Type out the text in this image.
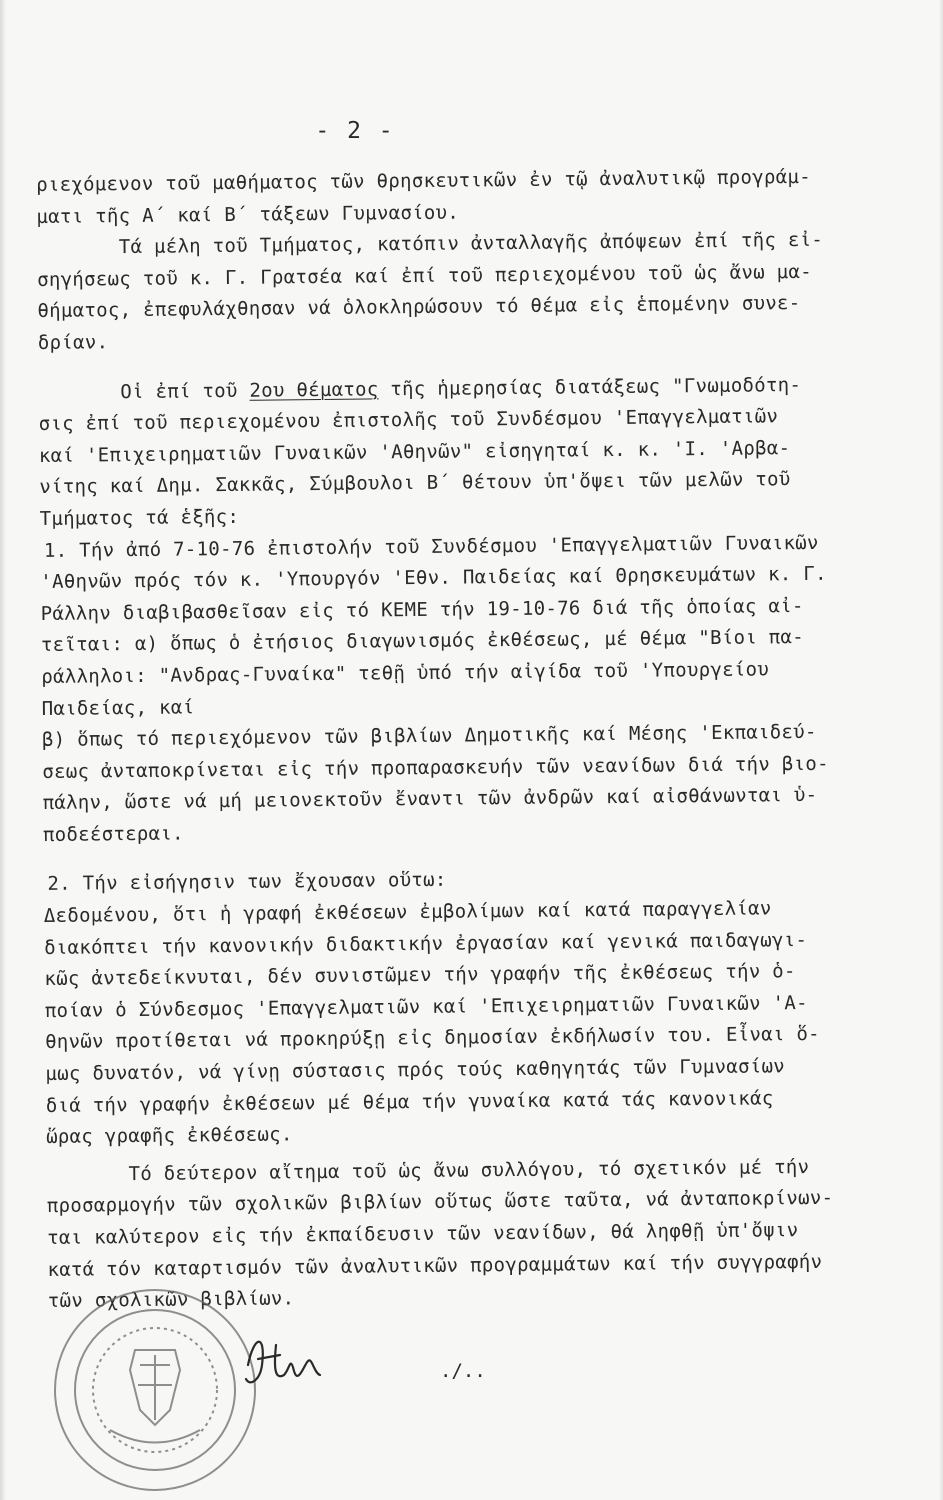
- 2 -
ριεχόμενον τοῦ μαθήματος τῶν θρησκευτικῶν ἐν τῷ ἀναλυτικῷ προγράμ-
ματι τῆς Α΄ καί Β΄ τάξεων Γυμνασίου.
Τά μέλη τοῦ Τμήματος, κατόπιν ἀνταλλαγῆς ἀπόψεων ἐπί τῆς εἰ-
σηγήσεως τοῦ κ. Γ. Γρατσέα καί ἐπί τοῦ περιεχομένου τοῦ ὡς ἄνω μα-
θήματος, ἐπεφυλάχθησαν νά ὁλοκληρώσουν τό θέμα εἰς ἑπομένην συνε-
δρίαν.
Οἱ ἐπί τοῦ 2ου θέματος τῆς ἡμερησίας διατάξεως "Γνωμοδότη-
σις ἐπί τοῦ περιεχομένου ἐπιστολῆς τοῦ Συνδέσμου 'Επαγγελματιῶν
καί 'Επιχειρηματιῶν Γυναικῶν 'Αθηνῶν" εἰσηγηταί κ. κ. 'Ι. 'Αρβα-
νίτης καί Δημ. Σακκᾶς, Σύμβουλοι Β΄ θέτουν ὑπ'ὄψει τῶν μελῶν τοῦ
Τμήματος τά ἑξῆς:
1. Τήν ἀπό 7-10-76 ἐπιστολήν τοῦ Συνδέσμου 'Επαγγελματιῶν Γυναικῶν
'Αθηνῶν πρός τόν κ. 'Υπουργόν 'Εθν. Παιδείας καί Θρησκευμάτων κ. Γ.
Ράλλην διαβιβασθεῖσαν εἰς τό ΚΕΜΕ τήν 19-10-76 διά τῆς ὁποίας αἰ-
τεῖται: α) ὅπως ὁ ἐτήσιος διαγωνισμός ἐκθέσεως, μέ θέμα "Βίοι πα-
ράλληλοι: "Ανδρας-Γυναίκα" τεθῇ ὑπό τήν αἰγίδα τοῦ 'Υπουργείου
Παιδείας, καί
β) ὅπως τό περιεχόμενον τῶν βιβλίων Δημοτικῆς καί Μέσης 'Εκπαιδεύ-
σεως ἀνταποκρίνεται εἰς τήν προπαρασκευήν τῶν νεανίδων διά τήν βιο-
πάλην, ὥστε νά μή μειονεκτοῦν ἔναντι τῶν ἀνδρῶν καί αἰσθάνωνται ὑ-
ποδεέστεραι.
2. Τήν εἰσήγησιν των ἔχουσαν οὕτω:
Δεδομένου, ὅτι ἡ γραφή ἐκθέσεων ἐμβολίμων καί κατά παραγγελίαν
διακόπτει τήν κανονικήν διδακτικήν ἐργασίαν καί γενικά παιδαγωγι-
κῶς ἀντεδείκνυται, δέν συνιστῶμεν τήν γραφήν τῆς ἐκθέσεως τήν ὁ-
ποίαν ὁ Σύνδεσμος 'Επαγγελματιῶν καί 'Επιχειρηματιῶν Γυναικῶν 'Α-
θηνῶν προτίθεται νά προκηρύξῃ εἰς δημοσίαν ἐκδήλωσίν του. Εἶναι ὅ-
μως δυνατόν, νά γίνῃ σύστασις πρός τούς καθηγητάς τῶν Γυμνασίων
διά τήν γραφήν ἐκθέσεων μέ θέμα τήν γυναίκα κατά τάς κανονικάς
ὥρας γραφῆς ἐκθέσεως.
Τό δεύτερον αἴτημα τοῦ ὡς ἄνω συλλόγου, τό σχετικόν μέ τήν
προσαρμογήν τῶν σχολικῶν βιβλίων οὕτως ὥστε ταῦτα, νά ἀνταποκρίνων-
ται καλύτερον εἰς τήν ἐκπαίδευσιν τῶν νεανίδων, θά ληφθῇ ὑπ'ὄψιν
κατά τόν καταρτισμόν τῶν ἀναλυτικῶν προγραμμάτων καί τήν συγγραφήν
τῶν σχολικῶν βιβλίων.
./..
